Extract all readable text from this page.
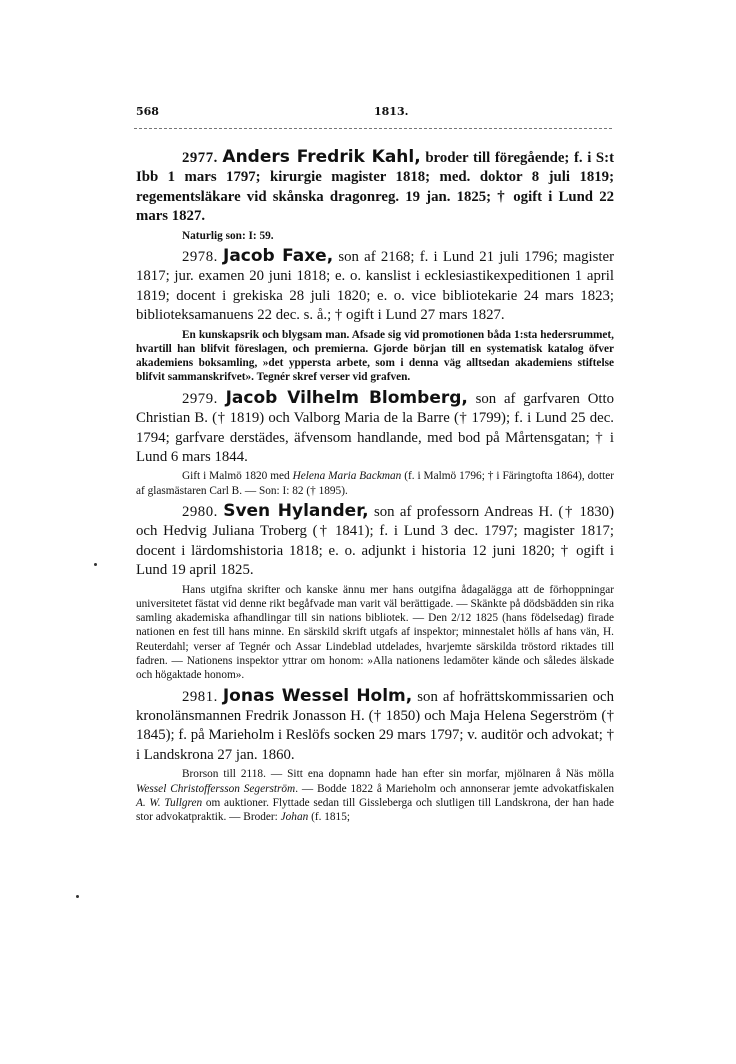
568	1813.

2977. Anders Fredrik Kahl, broder till föregående; f. i S:t Ibb 1 mars 1797; kirurgie magister 1818; med. doktor 8 juli 1819; regementsläkare vid skånska dragonreg. 19 jan. 1825; † ogift i Lund 22 mars 1827.

Naturlig son: I: 59.

2978. Jacob Faxe, son af 2168; f. i Lund 21 juli 1796; magister 1817; jur. examen 20 juni 1818; e. o. kanslist i ecklesiastikexpeditionen 1 april 1819; docent i grekiska 28 juli 1820; e. o. vice bibliotekarie 24 mars 1823; biblioteksamanuens 22 dec. s. å.; † ogift i Lund 27 mars 1827.

En kunskapsrik och blygsam man. Afsade sig vid promotionen båda 1:sta hedersrummet, hvartill han blifvit föreslagen, och premierna. Gjorde början till en systematisk katalog öfver akademiens boksamling, »det yppersta arbete, som i denna väg alltsedan akademiens stiftelse blifvit sammanskrifvet». Tegnér skref verser vid grafven.

2979. Jacob Vilhelm Blomberg, son af garfvaren Otto Christian B. († 1819) och Valborg Maria de la Barre († 1799); f. i Lund 25 dec. 1794; garfvare derstädes, äfvensom handlande, med bod på Mårtensgatan; † i Lund 6 mars 1844.

Gift i Malmö 1820 med Helena Maria Backman (f. i Malmö 1796; † i Färingtofta 1864), dotter af glasmästaren Carl B. — Son: I: 82 († 1895).

2980. Sven Hylander, son af professorn Andreas H. († 1830) och Hedvig Juliana Troberg († 1841); f. i Lund 3 dec. 1797; magister 1817; docent i lärdomshistoria 1818; e. o. adjunkt i historia 12 juni 1820; † ogift i Lund 19 april 1825.

Hans utgifna skrifter och kanske ännu mer hans outgifna ådagalägga att de förhoppningar universitetet fästat vid denne rikt begåfvade man varit väl berättigade. — Skänkte på dödsbädden sin rika samling akademiska afhandlingar till sin nations bibliotek. — Den 2/12 1825 (hans födelsedag) firade nationen en fest till hans minne. En särskild skrift utgafs af inspektor; minnestalet hölls af hans vän, H. Reuterdahl; verser af Tegnér och Assar Lindeblad utdelades, hvarjemte särskilda tröstord riktades till fadren. — Nationens inspektor yttrar om honom: »Alla nationens ledamöter kände och således älskade och högaktade honom».

2981. Jonas Wessel Holm, son af hofrättskommissarien och kronolänsmannen Fredrik Jonasson H. († 1850) och Maja Helena Segerström († 1845); f. på Marieholm i Reslöfs socken 29 mars 1797; v. auditör och advokat; † i Landskrona 27 jan. 1860.

Brorson till 2118. — Sitt ena dopnamn hade han efter sin morfar, mjölnaren å Näs mölla Wessel Christoffersson Segerström. — Bodde 1822 å Marieholm och annonserar jemte advokatfiskalen A. W. Tullgren om auktioner. Flyttade sedan till Gissleberga och slutligen till Landskrona, der han hade stor advokatpraktik. — Broder: Johan (f. 1815;
